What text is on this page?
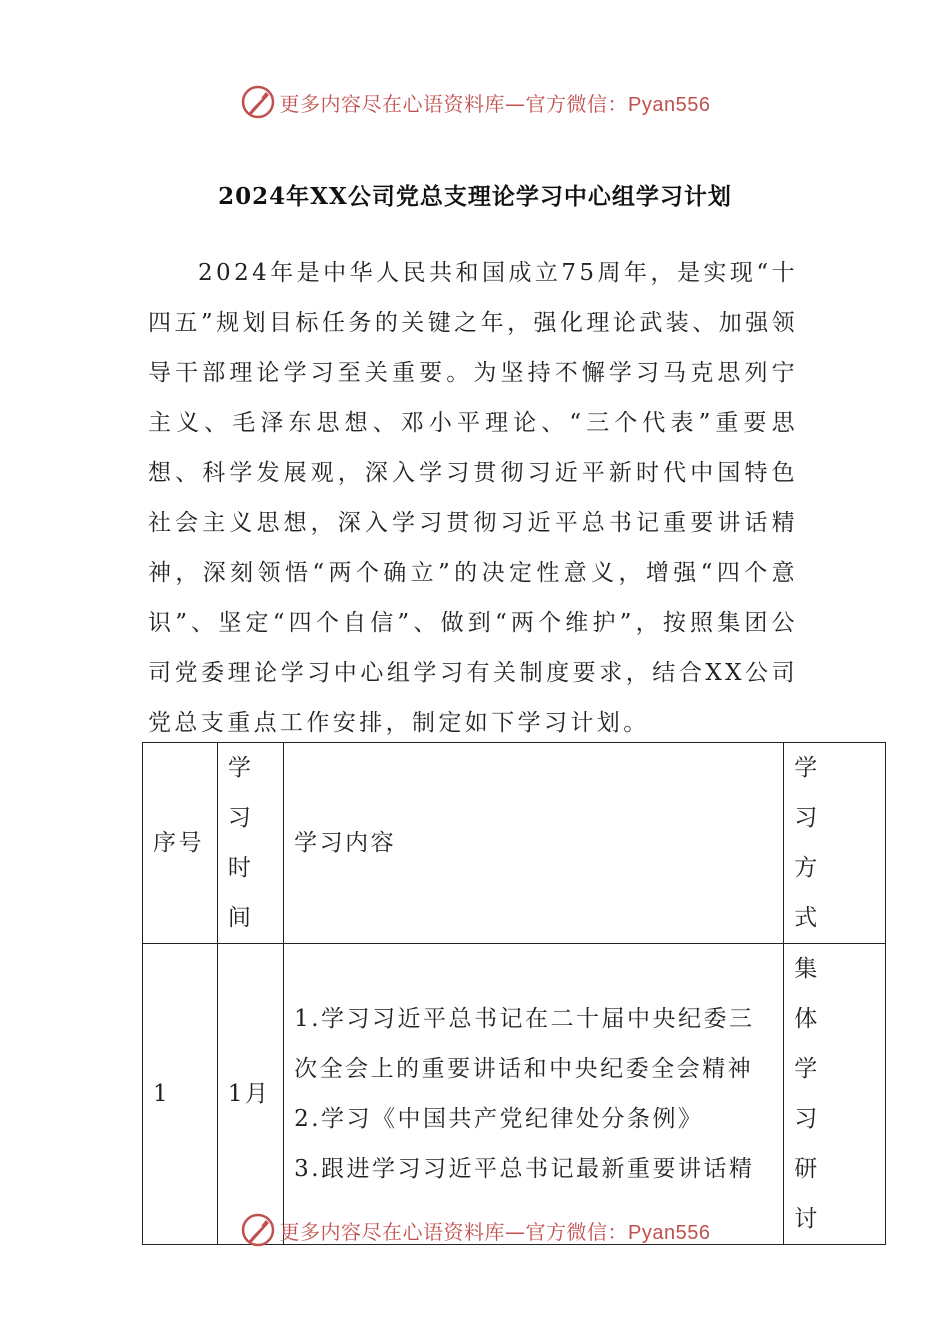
更多内容尽在心语资料库—官方微信：Pyan556
2024年XX公司党总支理论学习中心组学习计划

2024年是中华人民共和国成立75周年，是实现“十四五”规划目标任务的关键之年，强化理论武装、加强领导干部理论学习至关重要。为坚持不懈学习马克思列宁主义、毛泽东思想、邓小平理论、“三个代表”重要思想、科学发展观，深入学习贯彻习近平新时代中国特色社会主义思想，深入学习贯彻习近平总书记重要讲话精神，深刻领悟“两个确立”的决定性意义，增强“四个意识”、坚定“四个自信”、做到“两个维护”，按照集团公司党委理论学习中心组学习有关制度要求，结合XX公司党总支重点工作安排，制定如下学习计划。

序号	学习时间	学习内容	学习方式

1	1月	1.学习习近平总书记在二十届中央纪委三
次全会上的重要讲话和中央纪委全会精神
2.学习《中国共产党纪律处分条例》
3.跟进学习习近平总书记最新重要讲话精	集体学习研讨
更多内容尽在心语资料库—官方微信：Pyan556
